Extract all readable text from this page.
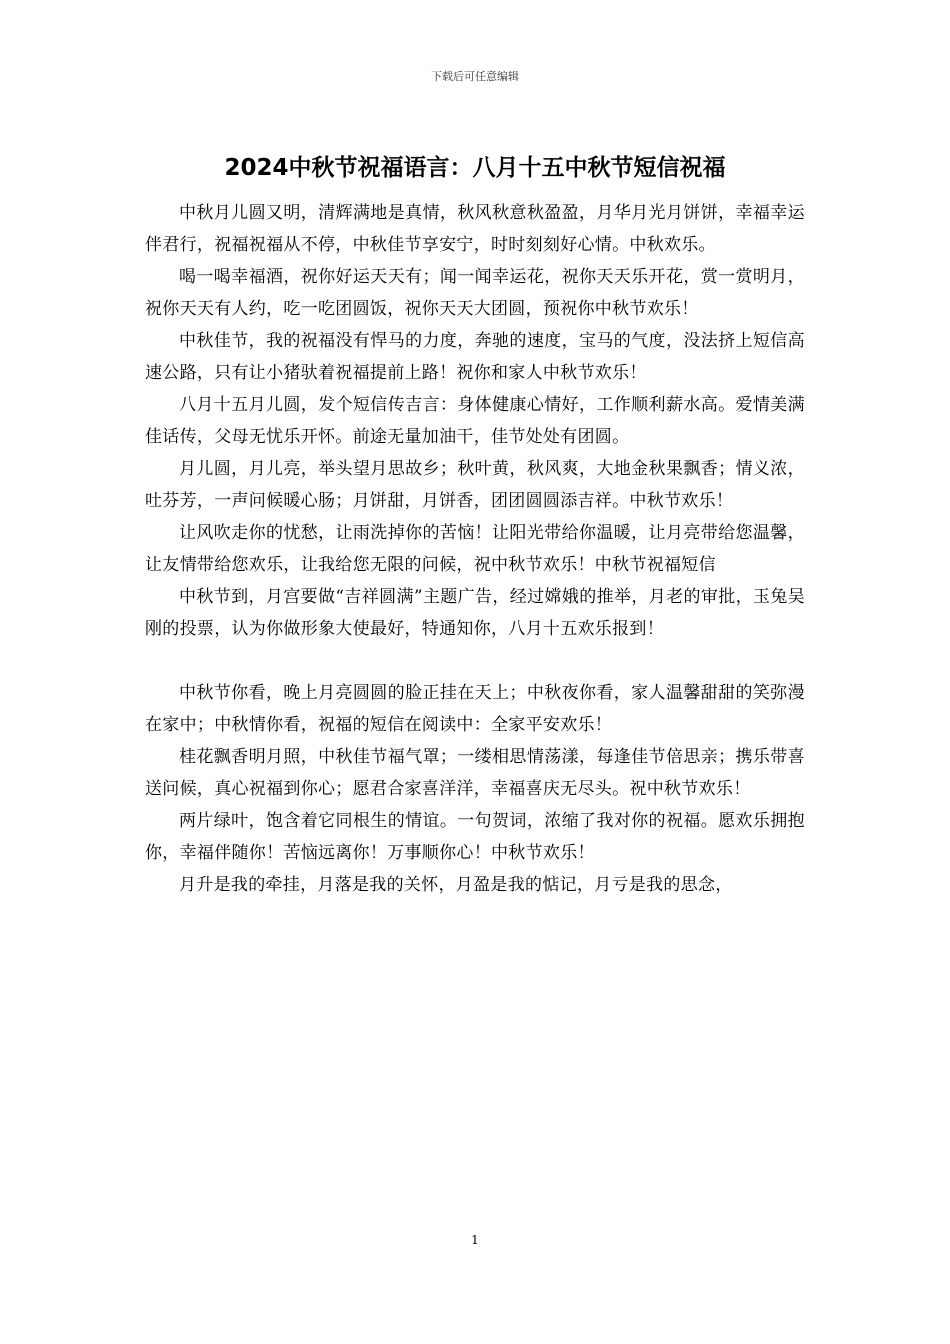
下载后可任意编辑
2024中秋节祝福语言：八月十五中秋节短信祝福

中秋月儿圆又明，清辉满地是真情，秋风秋意秋盈盈，月华月光月饼饼，幸福幸运伴君行，祝福祝福从不停，中秋佳节享安宁，时时刻刻好心情。中秋欢乐。

喝一喝幸福酒，祝你好运天天有；闻一闻幸运花，祝你天天乐开花，赏一赏明月，祝你天天有人约，吃一吃团圆饭，祝你天天大团圆，预祝你中秋节欢乐！

中秋佳节，我的祝福没有悍马的力度，奔驰的速度，宝马的气度，没法挤上短信高速公路，只有让小猪驮着祝福提前上路！祝你和家人中秋节欢乐！

八月十五月儿圆，发个短信传吉言：身体健康心情好，工作顺利薪水高。爱情美满佳话传，父母无忧乐开怀。前途无量加油干，佳节处处有团圆。

月儿圆，月儿亮，举头望月思故乡；秋叶黄，秋风爽，大地金秋果飘香；情义浓，吐芬芳，一声问候暖心肠；月饼甜，月饼香，团团圆圆添吉祥。中秋节欢乐！

让风吹走你的忧愁，让雨洗掉你的苦恼！让阳光带给你温暖，让月亮带给您温馨，让友情带给您欢乐，让我给您无限的问候，祝中秋节欢乐！中秋节祝福短信

中秋节到，月宫要做“吉祥圆满”主题广告，经过嫦娥的推举，月老的审批，玉兔吴刚的投票，认为你做形象大使最好，特通知你，八月十五欢乐报到！

中秋节你看，晚上月亮圆圆的脸正挂在天上；中秋夜你看，家人温馨甜甜的笑弥漫在家中；中秋情你看，祝福的短信在阅读中：全家平安欢乐！

桂花飘香明月照，中秋佳节福气罩；一缕相思情荡漾，每逢佳节倍思亲；携乐带喜送问候，真心祝福到你心；愿君合家喜洋洋，幸福喜庆无尽头。祝中秋节欢乐！

两片绿叶，饱含着它同根生的情谊。一句贺词，浓缩了我对你的祝福。愿欢乐拥抱你，幸福伴随你！苦恼远离你！万事顺你心！中秋节欢乐！

月升是我的牵挂，月落是我的关怀，月盈是我的惦记，月亏是我的思念，

1
